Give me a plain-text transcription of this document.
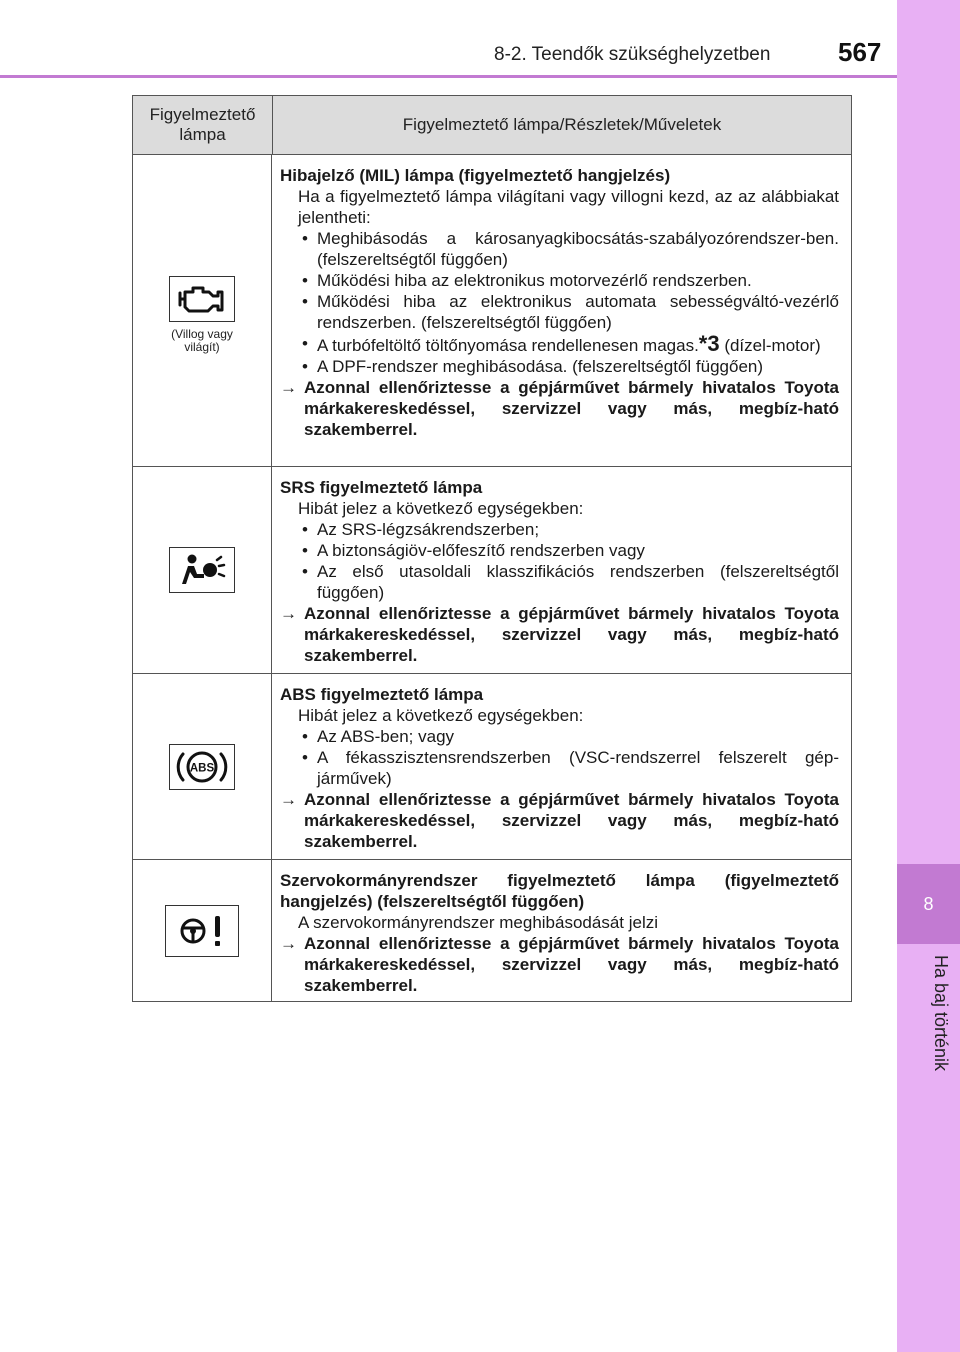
8-2. Teendők szükséghelyzetben	567
8
Ha baj történik
Figyelmeztető lámpa
Figyelmeztető lámpa/Részletek/Műveletek
(Villog vagy világít)
Hibajelző (MIL) lámpa (figyelmeztető hangjelzés)
Ha a figyelmeztető lámpa világítani vagy villogni kezd, az az alábbiakat jelentheti:
• Meghibásodás a károsanyagkibocsátás-szabályozórendszer-ben. (felszereltségtől függően)
• Működési hiba az elektronikus motorvezérlő rendszerben.
• Működési hiba az elektronikus automata sebességváltó-vezérlő rendszerben. (felszereltségtől függően)
• A turbófeltöltő töltőnyomása rendellenesen magas.*3 (dízel-motor)
• A DPF-rendszer meghibásodása. (felszereltségtől függően)
→ Azonnal ellenőriztesse a gépjárművet bármely hivatalos Toyota márkakereskedéssel, szervizzel vagy más, megbíz-ható szakemberrel.
SRS figyelmeztető lámpa
Hibát jelez a következő egységekben:
• Az SRS-légzsákrendszerben;
• A biztonságiöv-előfeszítő rendszerben vagy
• Az első utasoldali klasszifikációs rendszerben (felszereltségtől függően)
→ Azonnal ellenőriztesse a gépjárművet bármely hivatalos Toyota márkakereskedéssel, szervizzel vagy más, megbíz-ható szakemberrel.
ABS
ABS figyelmeztető lámpa
Hibát jelez a következő egységekben:
• Az ABS-ben; vagy
• A fékasszisztensrendszerben (VSC-rendszerrel felszerelt gép-járművek)
→ Azonnal ellenőriztesse a gépjárművet bármely hivatalos Toyota márkakereskedéssel, szervizzel vagy más, megbíz-ható szakemberrel.
Szervokormányrendszer figyelmeztető lámpa (figyelmeztető hangjelzés) (felszereltségtől függően)
A szervokormányrendszer meghibásodását jelzi
→ Azonnal ellenőriztesse a gépjárművet bármely hivatalos Toyota márkakereskedéssel, szervizzel vagy más, megbíz-ható szakemberrel.
